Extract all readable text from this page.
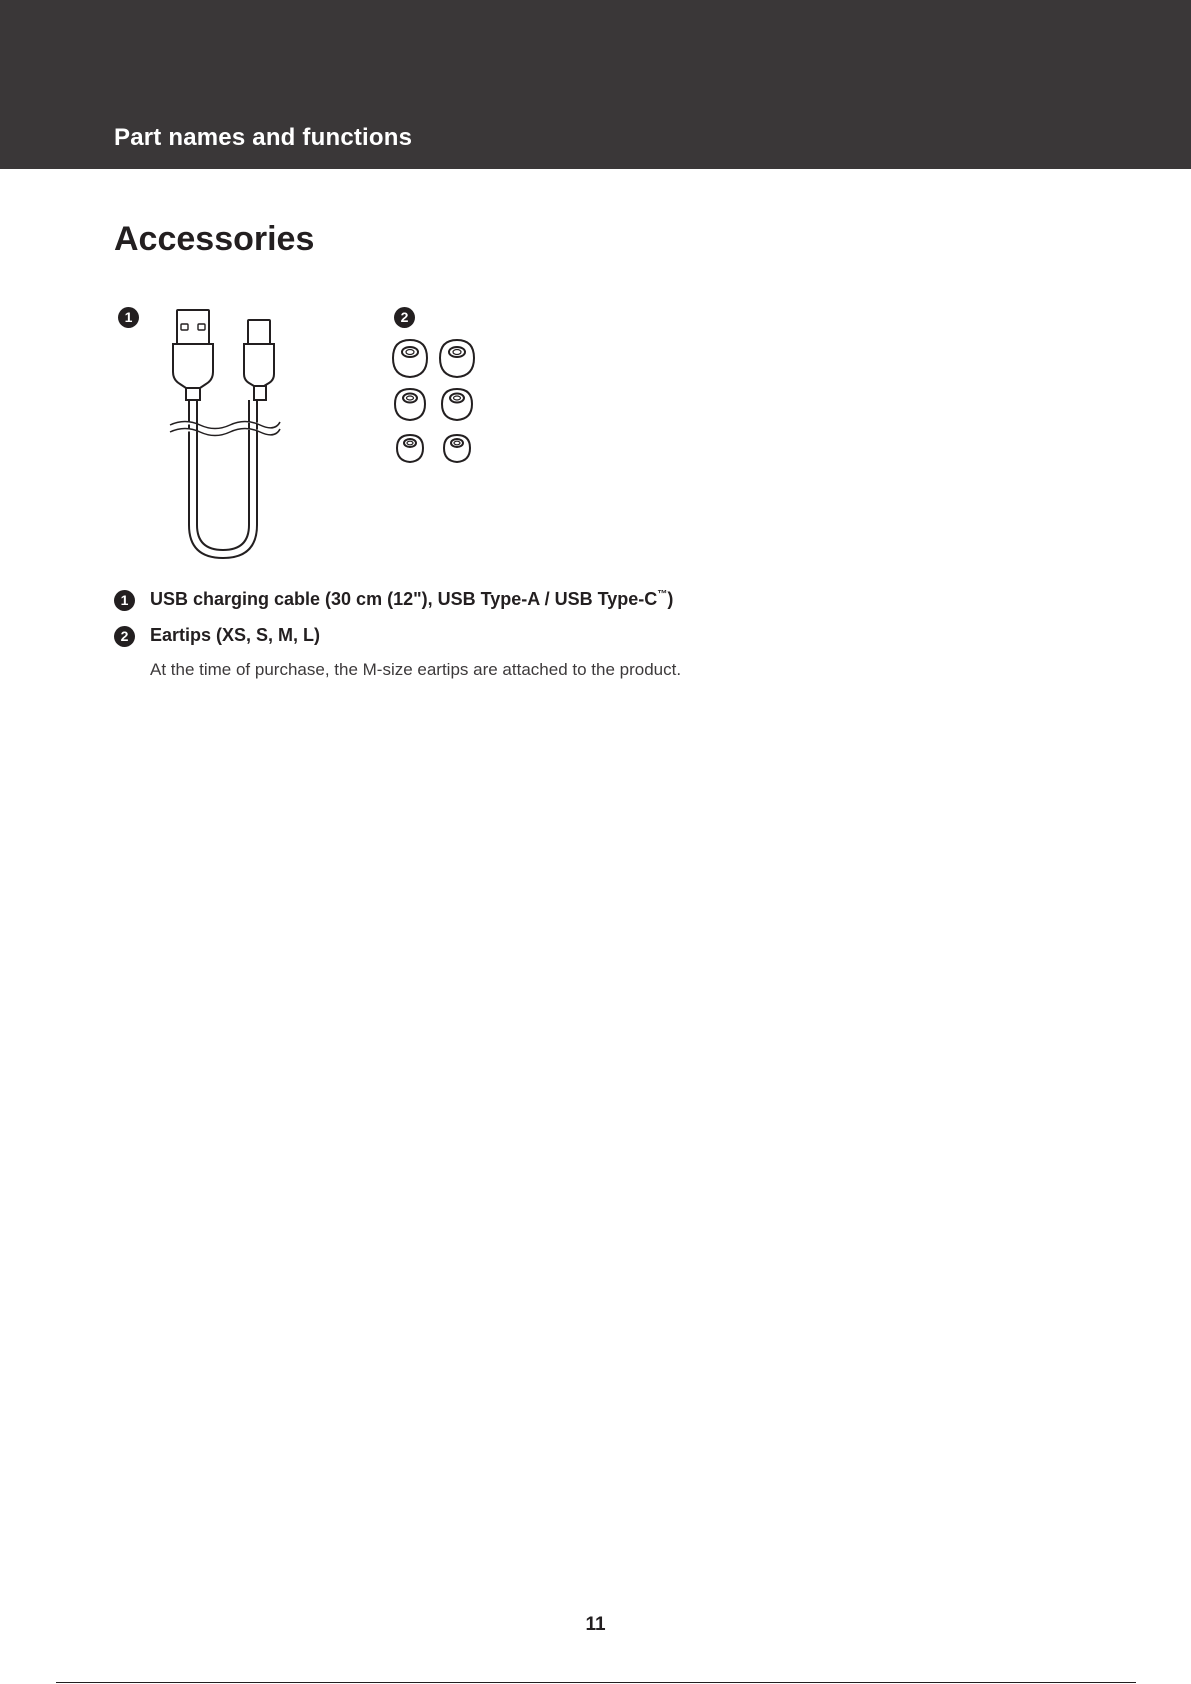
Part names and functions
Accessories
1	2
1	USB charging cable (30 cm (12"), USB Type-A / USB Type-C™)
2	Eartips (XS, S, M, L)

At the time of purchase, the M-size eartips are attached to the product.

11
